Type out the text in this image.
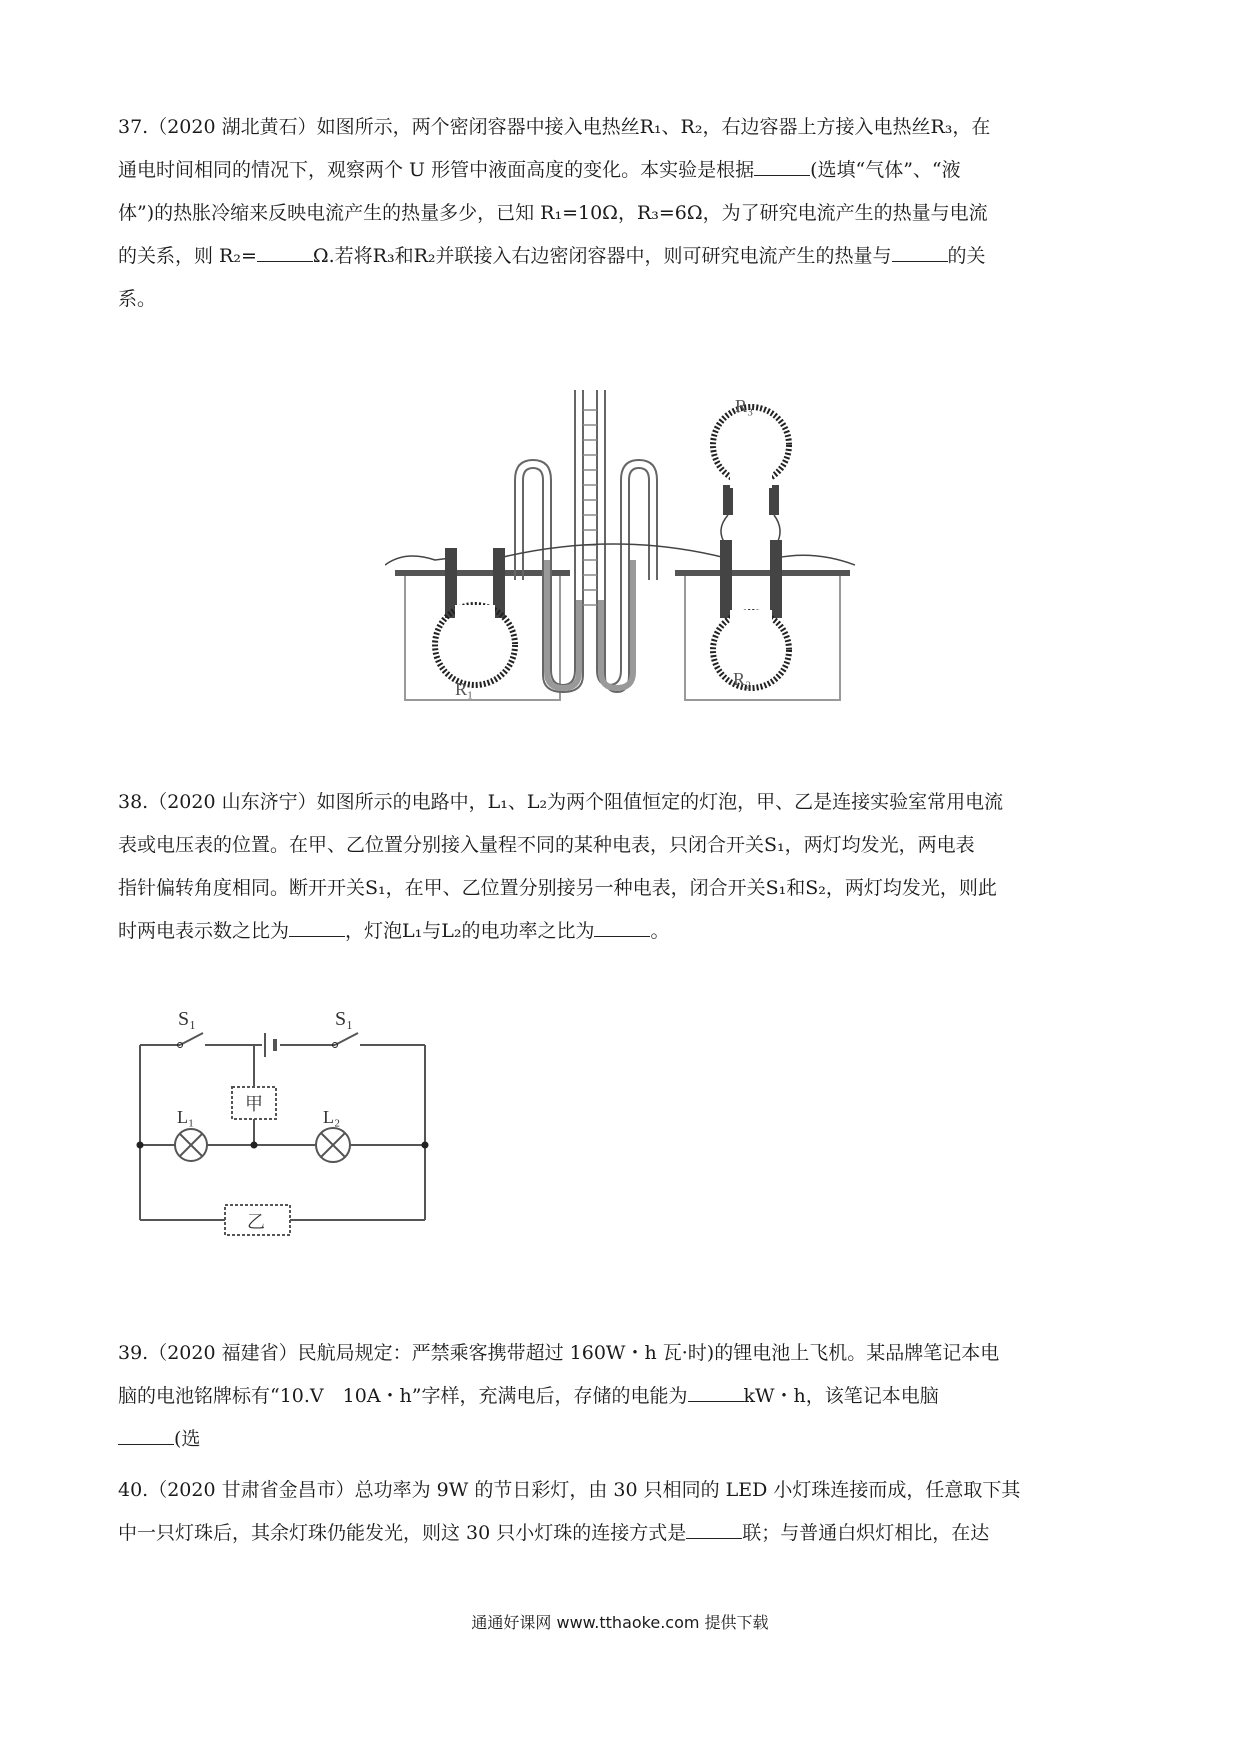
37.（2020 湖北黄石）如图所示，两个密闭容器中接入电热丝R₁、R₂，右边容器上方接入电热丝R₃，在

通电时间相同的情况下，观察两个 U 形管中液面高度的变化。本实验是根据	(选填“气体”、“液

体”)的热胀冷缩来反映电流产生的热量多少，已知 R₁=10Ω，R₃=6Ω，为了研究电流产生的热量与电流

的关系，则 R₂=	Ω.若将R₃和R₂并联接入右边密闭容器中，则可研究电流产生的热量与	的关

系。

R₁	R₂
R₃

38.（2020 山东济宁）如图所示的电路中，L₁、L₂为两个阻值恒定的灯泡，甲、乙是连接实验室常用电流

表或电压表的位置。在甲、乙位置分别接入量程不同的某种电表，只闭合开关S₁，两灯均发光，两电表

指针偏转角度相同。断开开关S₁，在甲、乙位置分别接另一种电表，闭合开关S₁和S₂，两灯均发光，则此

时两电表示数之比为	，灯泡L₁与L₂的电功率之比为	。

S₁	S₁
L₁	L₂
甲
乙

39.（2020 福建省）民航局规定：严禁乘客携带超过 160W・h 瓦·时)的锂电池上飞机。某品牌笔记本电

脑的电池铭牌标有“10.V　10A・h”字样，充满电后，存储的电能为	kW・h，该笔记本电脑

(选

40.（2020 甘肃省金昌市）总功率为 9W 的节日彩灯，由 30 只相同的 LED 小灯珠连接而成，任意取下其

中一只灯珠后，其余灯珠仍能发光，则这 30 只小灯珠的连接方式是	联；与普通白炽灯相比，在达

通通好课网 www.tthaoke.com 提供下载
